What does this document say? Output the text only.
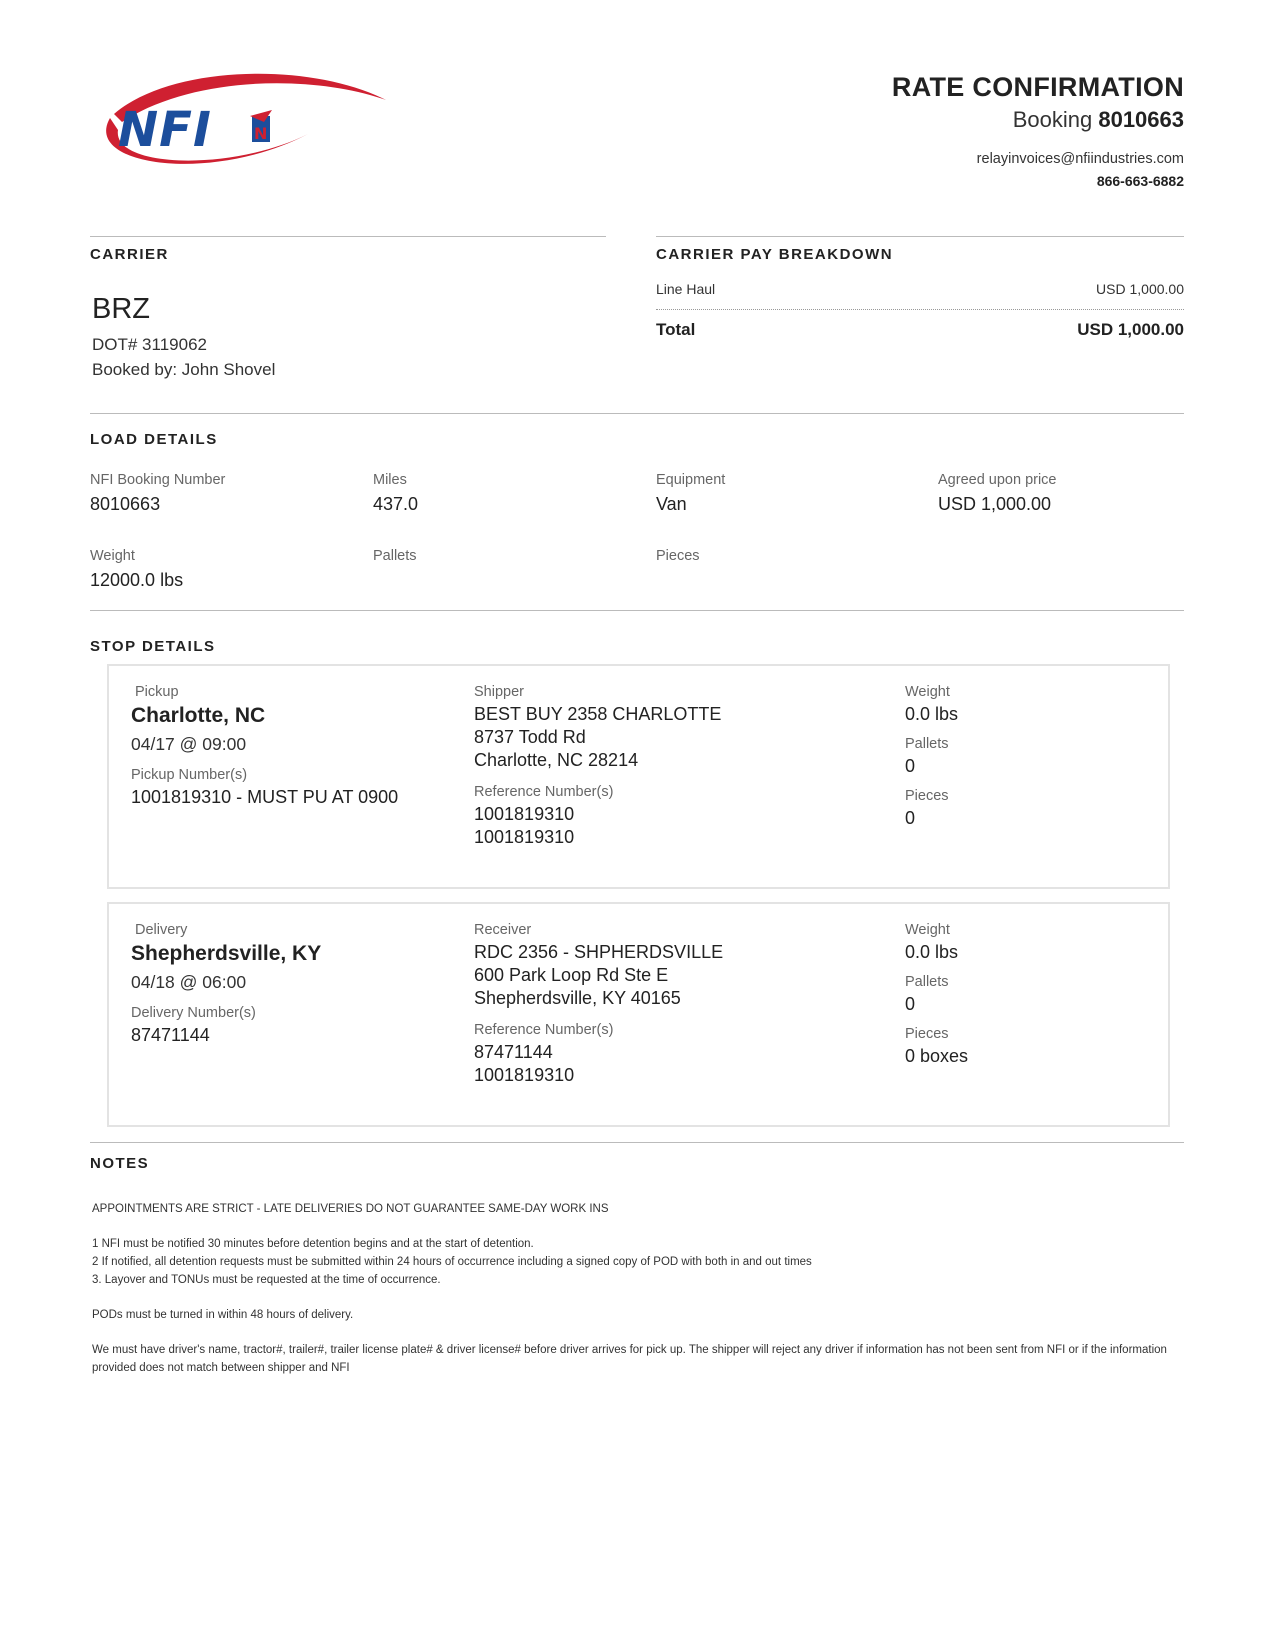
NFI	N
RATE CONFIRMATION
Booking 8010663
relayinvoices@nfiindustries.com
866-663-6882
CARRIER
BRZ
DOT# 3119062
Booked by: John Shovel
CARRIER PAY BREAKDOWN
Line Haul	USD 1,000.00
Total	USD 1,000.00
LOAD DETAILS
NFI Booking Number
8010663
Miles
437.0
Equipment
Van
Agreed upon price
USD 1,000.00
Weight
12000.0 lbs
Pallets	Pieces
STOP DETAILS
Pickup
Charlotte, NC
04/17 @ 09:00
Pickup Number(s)
1001819310 - MUST PU AT 0900
Shipper
BEST BUY 2358 CHARLOTTE
8737 Todd Rd
Charlotte, NC 28214
Reference Number(s)
1001819310
1001819310
Weight
0.0 lbs
Pallets
0
Pieces
0
Delivery
Shepherdsville, KY
04/18 @ 06:00
Delivery Number(s)
87471144
Receiver
RDC 2356 - SHPHERDSVILLE
600 Park Loop Rd Ste E
Shepherdsville, KY 40165
Reference Number(s)
87471144
1001819310
Weight
0.0 lbs
Pallets
0
Pieces
0 boxes
NOTES

APPOINTMENTS ARE STRICT - LATE DELIVERIES DO NOT GUARANTEE SAME-DAY WORK INS

1 NFI must be notified 30 minutes before detention begins and at the start of detention.

2 If notified, all detention requests must be submitted within 24 hours of occurrence including a signed copy of POD with both in and out times

3. Layover and TONUs must be requested at the time of occurrence.

PODs must be turned in within 48 hours of delivery.

We must have driver's name, tractor#, trailer#, trailer license plate# & driver license# before driver arrives for pick up. The shipper will reject any driver if information has not been sent from NFI or if the information provided does not match between shipper and NFI
